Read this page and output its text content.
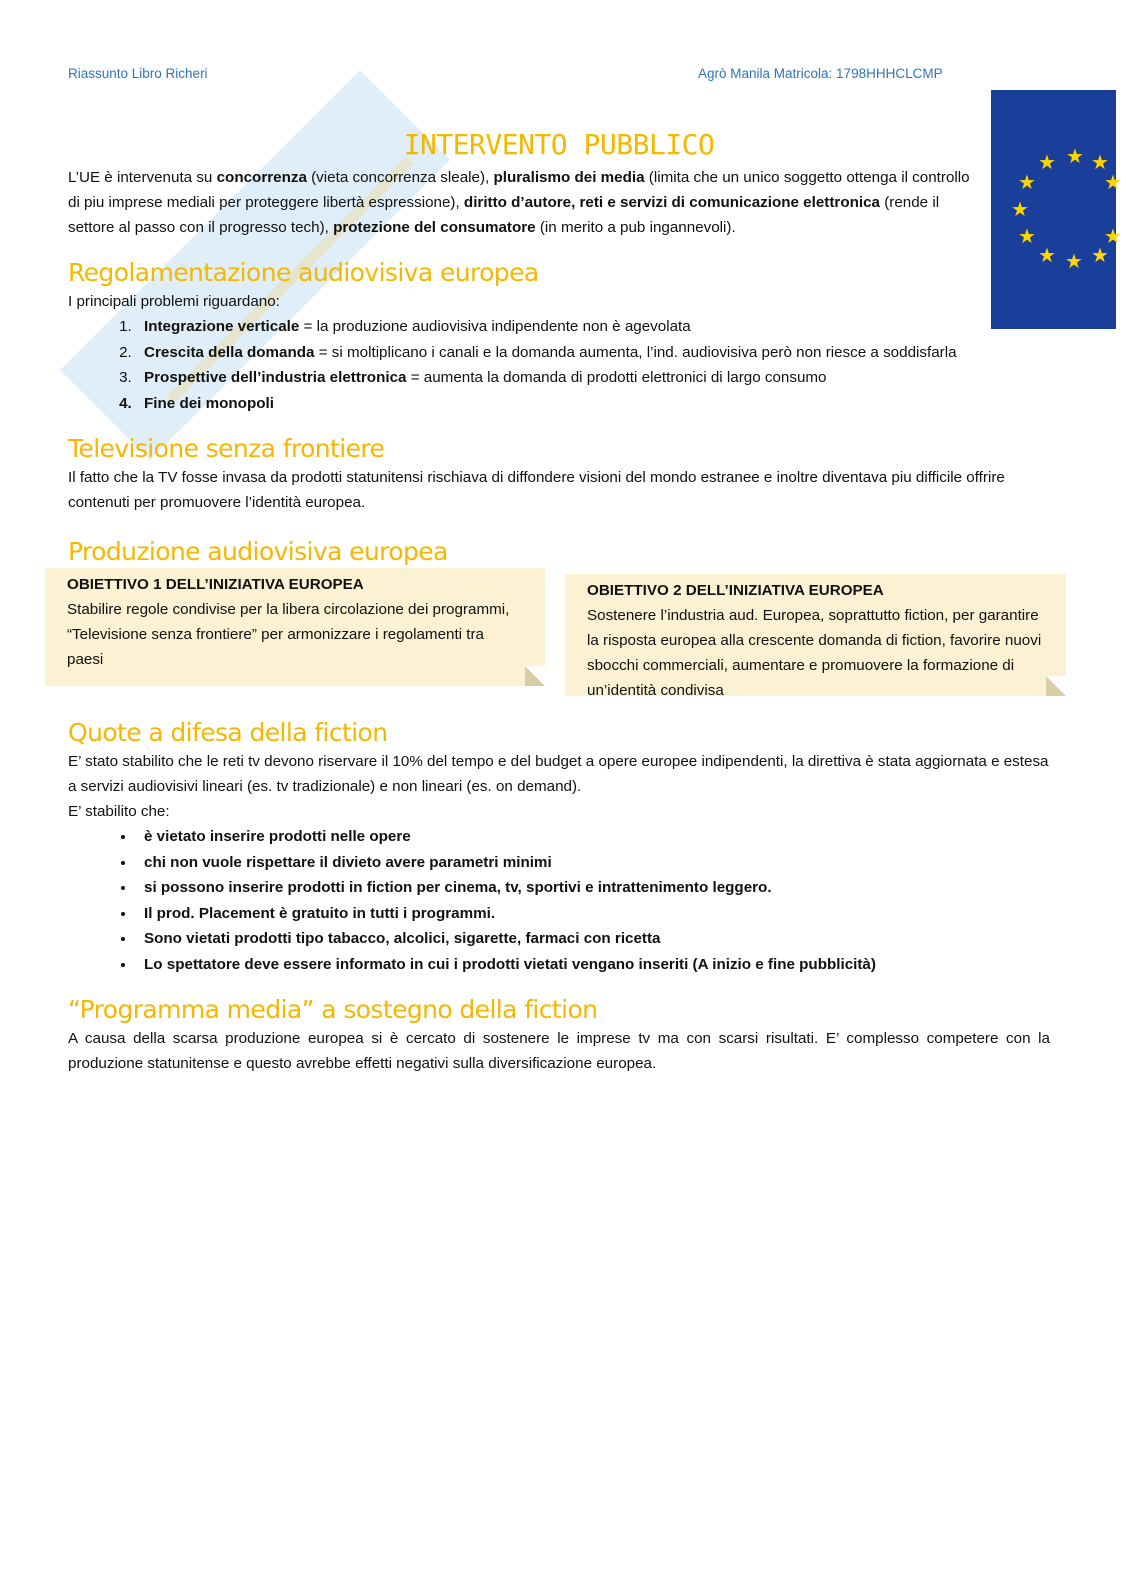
Riassunto Libro Richeri	Agrò Manila Matricola: 1798HHHCLCMP
★ ★
★
★
★
★
★ ★ ★
★
★
INTERVENTO PUBBLICO

L’UE è intervenuta su concorrenza (vieta concorrenza sleale), pluralismo dei media (limita che un unico soggetto ottenga il controllo di piu imprese mediali per proteggere libertà espressione), diritto d’autore, reti e servizi di comunicazione elettronica (rende il settore al passo con il progresso tech), protezione del consumatore (in merito a pub ingannevoli).

Regolamentazione audiovisiva europea

I principali problemi riguardano:

1. Integrazione verticale = la produzione audiovisiva indipendente non è agevolata
2. Crescita della domanda = si moltiplicano i canali e la domanda aumenta, l’ind. audiovisiva però non riesce a soddisfarla
3. Prospettive dell’industria elettronica = aumenta la domanda di prodotti elettronici di largo consumo
4. Fine dei monopoli
Televisione senza frontiere

Il fatto che la TV fosse invasa da prodotti statunitensi rischiava di diffondere visioni del mondo estranee e inoltre diventava piu difficile offrire contenuti per promuovere l’identità europea.

Produzione audiovisiva europea
OBIETTIVO 1 DELL’INIZIATIVA EUROPEA
Stabilire regole condivise per la libera circolazione dei programmi, “Televisione senza frontiere” per armonizzare i regolamenti tra paesi
OBIETTIVO 2 DELL’INIZIATIVA EUROPEA
Sostenere l’industria aud. Europea, soprattutto fiction, per garantire la risposta europea alla crescente domanda di fiction, favorire nuovi sbocchi commerciali, aumentare e promuovere la formazione di un’identità condivisa
Quote a difesa della fiction

E’ stato stabilito che le reti tv devono riservare il 10% del tempo e del budget a opere europee indipendenti, la direttiva è stata aggiornata e estesa a servizi audiovisivi lineari (es. tv tradizionale) e non lineari (es. on demand).

E’ stabilito che:

• è vietato inserire prodotti nelle opere
• chi non vuole rispettare il divieto avere parametri minimi
• si possono inserire prodotti in fiction per cinema, tv, sportivi e intrattenimento leggero.
• Il prod. Placement è gratuito in tutti i programmi.
• Sono vietati prodotti tipo tabacco, alcolici, sigarette, farmaci con ricetta
• Lo spettatore deve essere informato in cui i prodotti vietati vengano inseriti (A inizio e fine pubblicità)
“Programma media” a sostegno della fiction

A causa della scarsa produzione europea si è cercato di sostenere le imprese tv ma con scarsi risultati. E’ complesso competere con la produzione statunitense e questo avrebbe effetti negativi sulla diversificazione europea.
